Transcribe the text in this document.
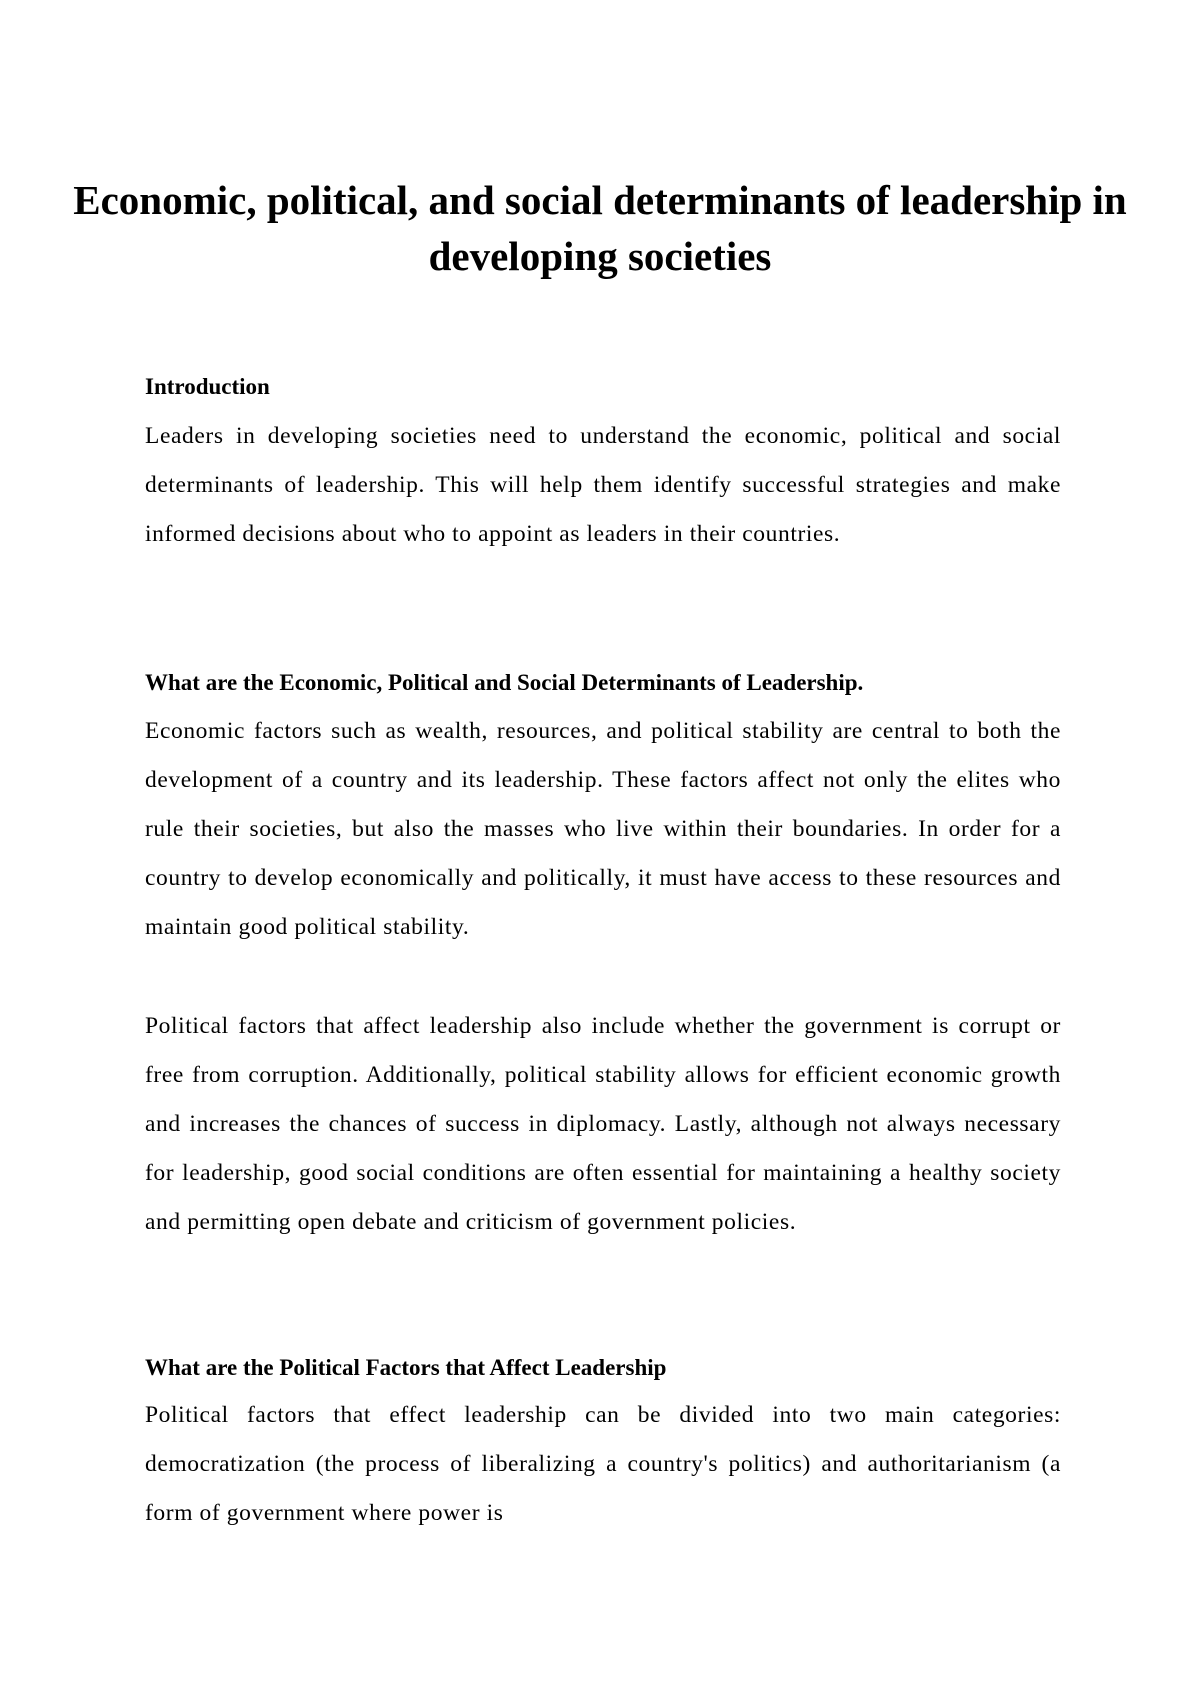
Economic, political, and social determinants of leadership in developing societies
Introduction

Leaders in developing societies need to understand the economic, political and social determinants of leadership. This will help them identify successful strategies and make informed decisions about who to appoint as leaders in their countries.

What are the Economic, Political and Social Determinants of Leadership.

Economic factors such as wealth, resources, and political stability are central to both the development of a country and its leadership. These factors affect not only the elites who rule their societies, but also the masses who live within their boundaries. In order for a country to develop economically and politically, it must have access to these resources and maintain good political stability.

Political factors that affect leadership also include whether the government is corrupt or free from corruption. Additionally, political stability allows for efficient economic growth and increases the chances of success in diplomacy. Lastly, although not always necessary for leadership, good social conditions are often essential for maintaining a healthy society and permitting open debate and criticism of government policies.

What are the Political Factors that Affect Leadership

Political factors that effect leadership can be divided into two main categories: democratization (the process of liberalizing a country's politics) and authoritarianism (a form of government where power is
